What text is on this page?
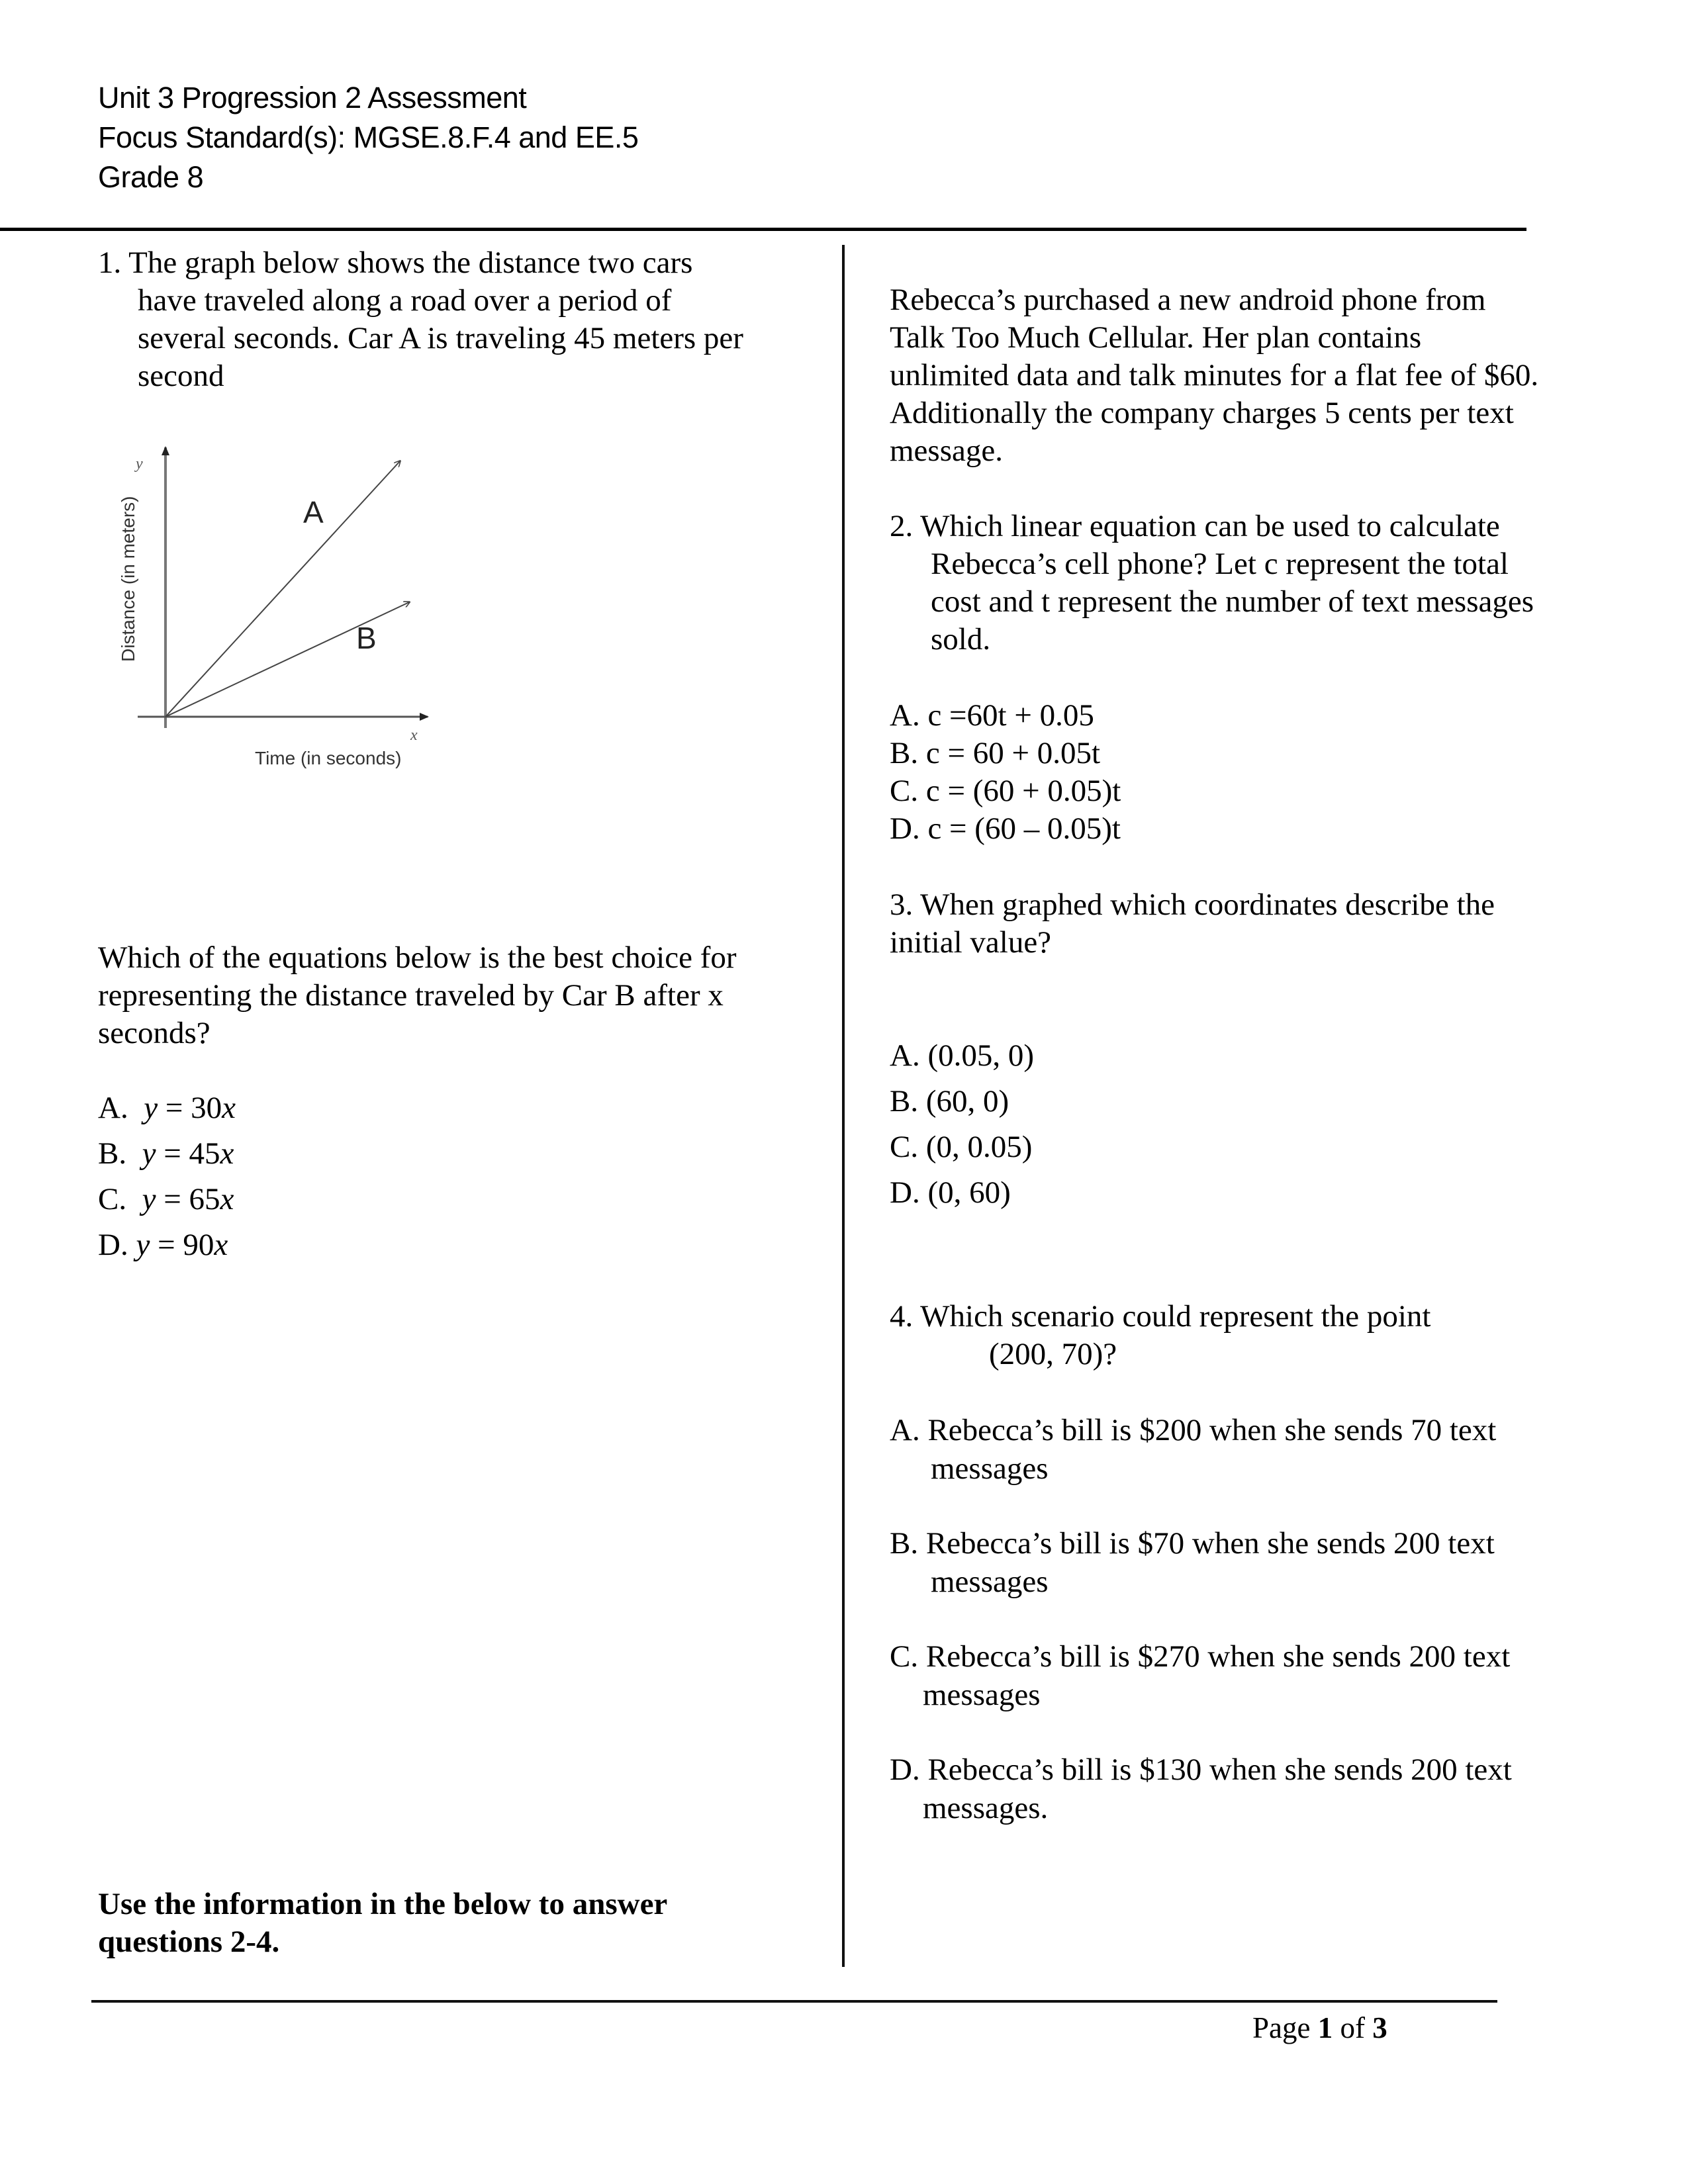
Unit 3 Progression 2 Assessment
Focus Standard(s): MGSE.8.F.4 and EE.5
Grade 8
1. The graph below shows the distance two cars
have traveled along a road over a period of
several seconds. Car A is traveling 45 meters per
second
y
x
A
B
Time (in seconds)
Distance (in meters)
Which of the equations below is the best choice for
representing the distance traveled by Car B after x
seconds?
A. y = 30x
B. y = 45x
C. y = 65x
D. y = 90x
Use the information in the below to answer
questions 2-4.
Rebecca’s purchased a new android phone from
Talk Too Much Cellular. Her plan contains
unlimited data and talk minutes for a flat fee of $60.
Additionally the company charges 5 cents per text
message.
2. Which linear equation can be used to calculate
Rebecca’s cell phone? Let c represent the total
cost and t represent the number of text messages
sold.
A. c =60t + 0.05
B. c = 60 + 0.05t
C. c = (60 + 0.05)t
D. c = (60 – 0.05)t
3. When graphed which coordinates describe the
initial value?
A. (0.05, 0)
B. (60, 0)
C. (0, 0.05)
D. (0, 60)
4. Which scenario could represent the point
(200, 70)?
A. Rebecca’s bill is $200 when she sends 70 text
messages
B. Rebecca’s bill is $70 when she sends 200 text
messages
C. Rebecca’s bill is $270 when she sends 200 text
messages
D. Rebecca’s bill is $130 when she sends 200 text
messages.
Page 1 of 3
